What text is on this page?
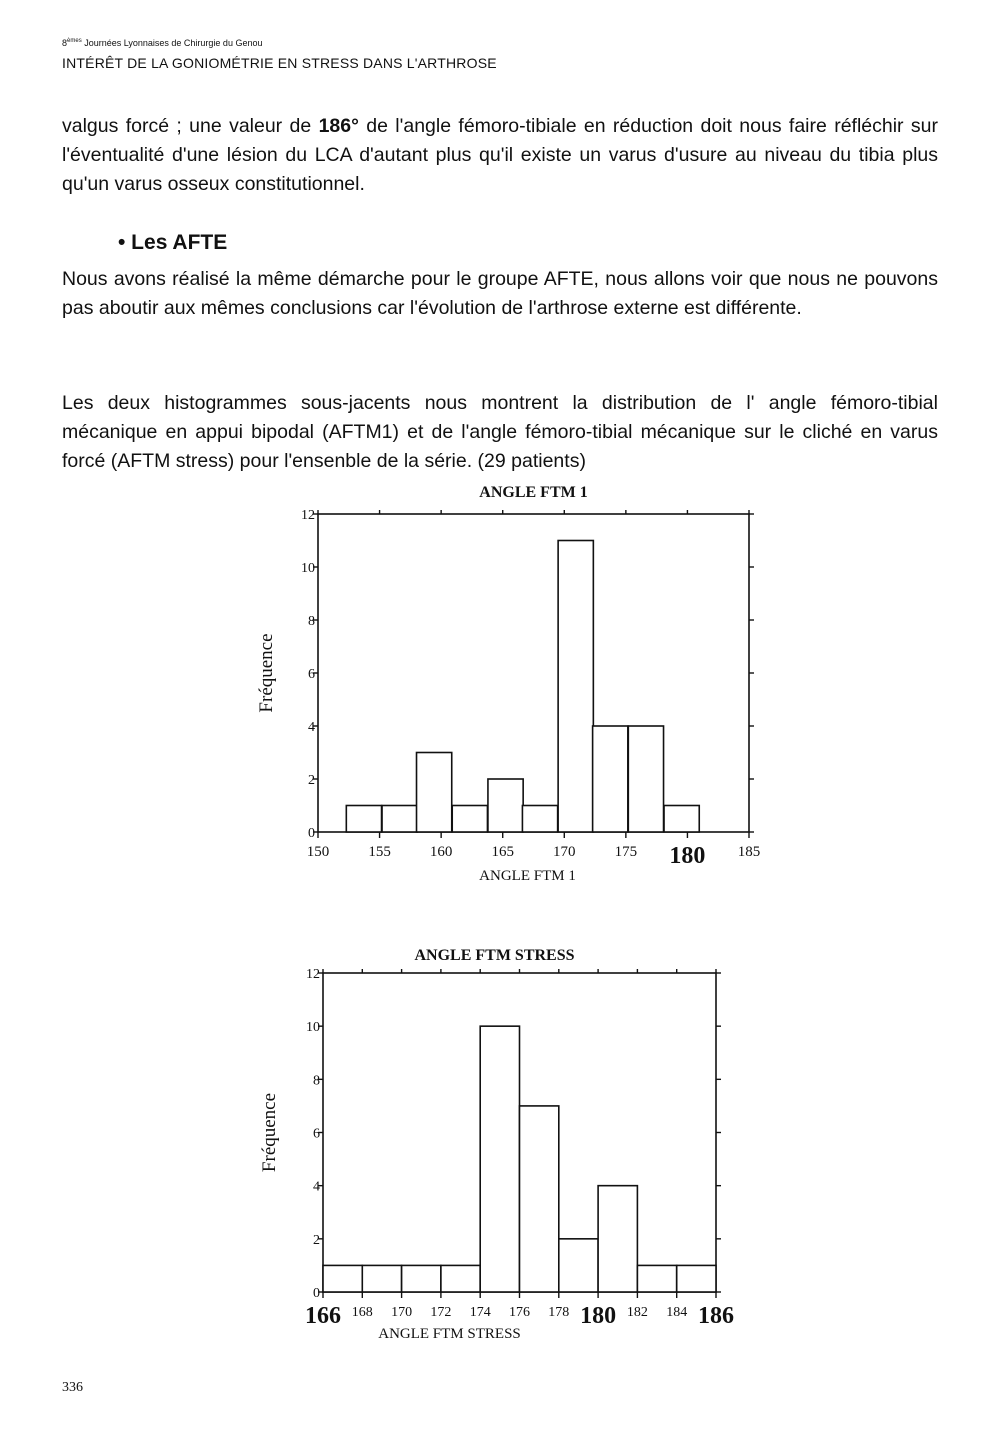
8èmes Journées Lyonnaises de Chirurgie du Genou
INTÉRÊT DE LA GONIOMÉTRIE EN STRESS DANS L'ARTHROSE

valgus forcé ; une valeur de 186° de l'angle fémoro-tibiale en réduction doit nous faire réfléchir sur l'éventualité d'une lésion du LCA d'autant plus qu'il existe un varus d'usure au niveau du tibia plus qu'un varus osseux constitutionnel.

• Les AFTE

Nous avons réalisé la même démarche pour le groupe AFTE, nous allons voir que nous ne pouvons pas aboutir aux mêmes conclusions car l'évolution de l'arthrose externe est différente.

Les deux histogrammes sous-jacents nous montrent la distribution de l' angle fémoro-tibial mécanique en appui bipodal (AFTM1) et de l'angle fémoro-tibial mécanique sur le cliché en varus forcé (AFTM stress) pour l'ensenble de la série. (29 patients)

0
2
4
6
8
10
12
150	155	160	165	170	175 180 185
ANGLE FTM 1
ANGLE FTM 1
Fréquence
0
2
4
6
8
10
12
166 168 170 172 174 176 178 180 182 184 186
ANGLE FTM STRESS
ANGLE FTM STRESS
Fréquence
336
